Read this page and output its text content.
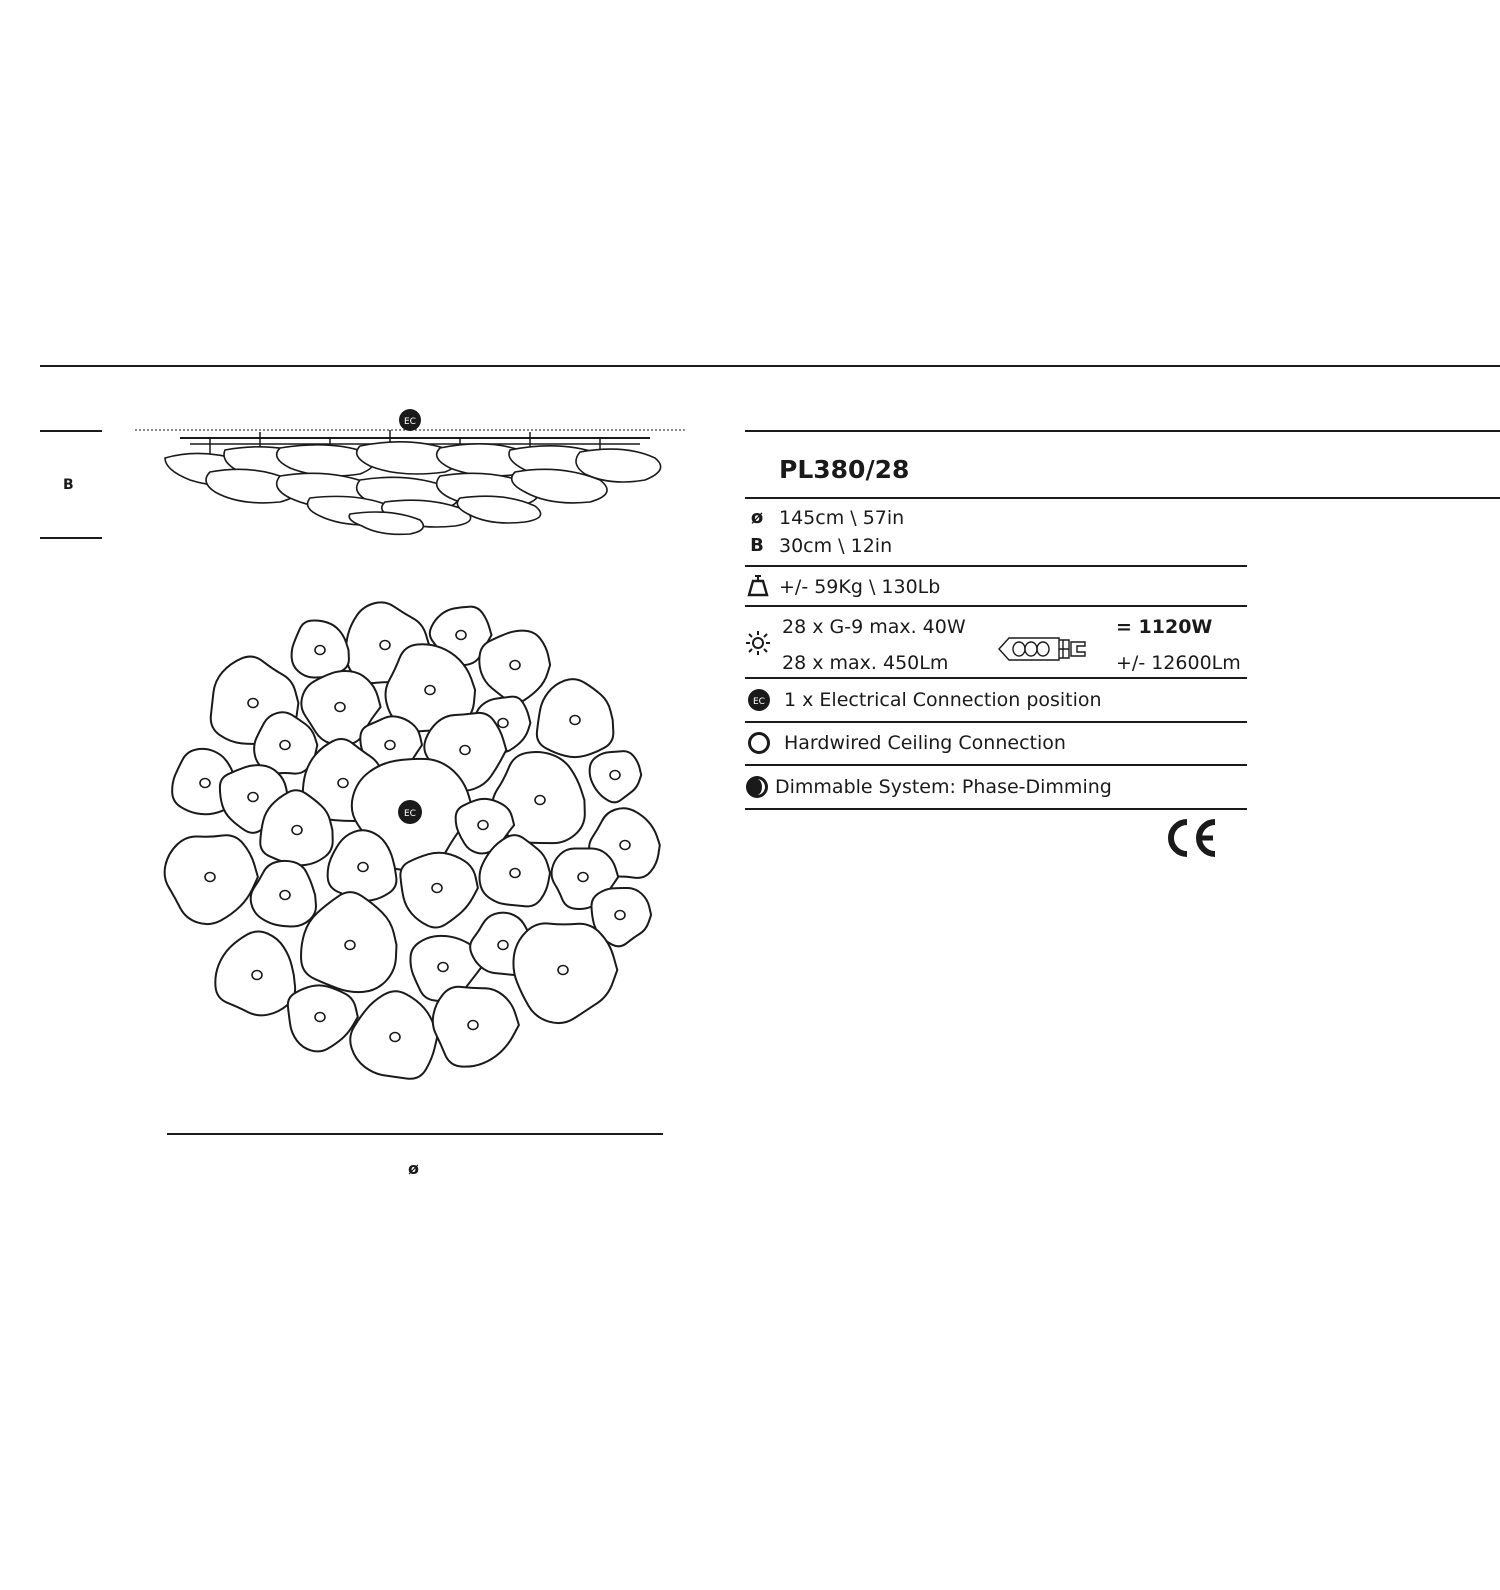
B
EC
EC
ø
PL380/28
ø 145cm \ 57in
B 30cm \ 12in
+/- 59Kg \ 130Lb
28 x G-9 max. 40W
28 x max. 450Lm
= 1120W
+/- 12600Lm
EC 1 x Electrical Connection position
Hardwired Ceiling Connection
Dimmable System: Phase-Dimming
